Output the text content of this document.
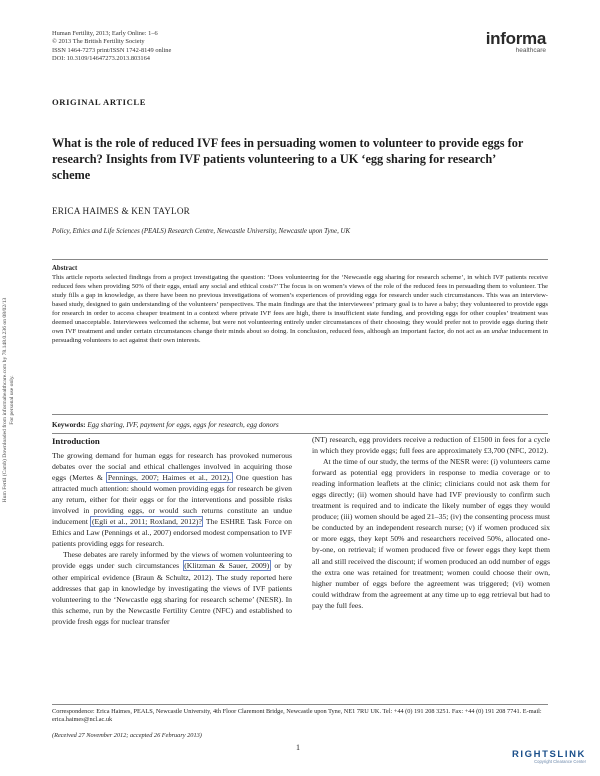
Human Fertility, 2013; Early Online: 1–6
© 2013 The British Fertility Society
ISSN 1464-7273 print/ISSN 1742-8149 online
DOI: 10.3109/14647273.2013.803164
informa
healthcare
Hum Fertil (Camb) Downloaded from informahealthcare.com by 78.148.0.236 on 08/02/13 For personal use only.
ORIGINAL ARTICLE
What is the role of reduced IVF fees in persuading women to volunteer to provide eggs for research? Insights from IVF patients volunteering to a UK ‘egg sharing for research’ scheme
ERICA HAIMES & KEN TAYLOR
Policy, Ethics and Life Sciences (PEALS) Research Centre, Newcastle University, Newcastle upon Tyne, UK
Abstract
This article reports selected findings from a project investigating the question: ‘Does volunteering for the ‘Newcastle egg sharing for research scheme’, in which IVF patients receive reduced fees when providing 50% of their eggs, entail any social and ethical costs?’ The focus is on women’s views of the role of the reduced fees in persuading them to volunteer. The study fills a gap in knowledge, as there have been no previous investigations of women’s experiences of providing eggs for research under such circumstances. This was an interview-based study, designed to gain understanding of the volunteers’ perspectives. The main findings are that the interviewees’ primary goal is to have a baby; they volunteered to provide eggs for research in order to access cheaper treatment in a context where private IVF fees are high, there is insufficient state funding, and providing eggs for other couples’ treatment was deemed unacceptable. Interviewees welcomed the scheme, but were not volunteering entirely under circumstances of their choosing; they would prefer not to provide eggs during their own IVF treatment and under certain circumstances change their minds about so doing. In conclusion, reduced fees, although an important factor, do not act as an undue inducement in persuading volunteers to act against their own interests.
Keywords: Egg sharing, IVF, payment for eggs, eggs for research, egg donors
Introduction

The growing demand for human eggs for research has provoked numerous debates over the social and ethical challenges involved in acquiring those eggs (Mertes & Pennings, 2007; Haimes et al., 2012). One question has attracted much attention: should women providing eggs for research be given any return, either for their eggs or for the interventions and possible risks involved in providing eggs, or would such returns constitute an undue inducement (Egli et al., 2011; Roxland, 2012)? The ESHRE Task Force on Ethics and Law (Pennings et al., 2007) endorsed modest compensation to IVF patients providing eggs for research.

These debates are rarely informed by the views of women volunteering to provide eggs under such circumstances (Klitzman & Sauer, 2009) or by other empirical evidence (Braun & Schultz, 2012). The study reported here addresses that gap in knowledge by investigating the views of IVF patients volunteering to the ‘Newcastle egg sharing for research scheme’ (NESR). In this scheme, run by the Newcastle Fertility Centre (NFC) and established to provide fresh eggs for nuclear transfer

(NT) research, egg providers receive a reduction of £1500 in fees for a cycle in which they provide eggs; full fees are approximately £3,700 (NFC, 2012).

At the time of our study, the terms of the NESR were: (i) volunteers came forward as potential egg providers in response to media coverage or to reading information leaflets at the clinic; clinicians could not ask them for eggs directly; (ii) women should have had IVF previously to confirm such treatment is required and to indicate the likely number of eggs they would produce; (iii) women should be aged 21–35; (iv) the consenting process must be conducted by an independent research nurse; (v) if women produced six or more eggs, they kept 50% and researchers received 50%, allocated one-by-one, on retrieval; if women produced five or fewer eggs they kept them all and still received the discount; if women produced an odd number of eggs the extra one was retained for treatment; women could choose their own, higher number of eggs before the agreement was triggered; (vi) women could withdraw from the agreement at any time up to egg retrieval but had to pay the full fees.

Correspondence: Erica Haimes, PEALS, Newcastle University, 4th Floor Claremont Bridge, Newcastle upon Tyne, NE1 7RU UK. Tel: +44 (0) 191 208 3251. Fax: +44 (0) 191 208 7741. E-mail: erica.haimes@ncl.ac.uk
(Received 27 November 2012; accepted 26 February 2013)
1
RIGHTSLINK
Copyright Clearance Center
